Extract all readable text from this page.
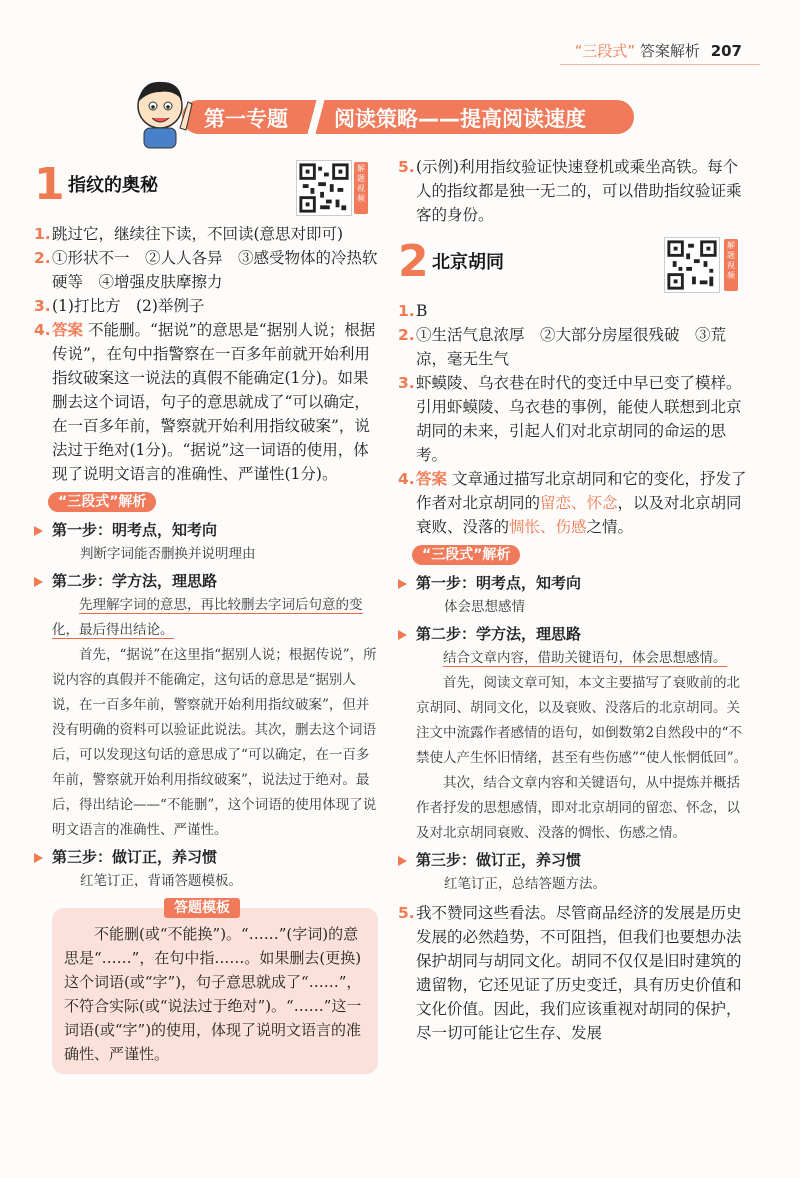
“三段式” 答案解析 207
第一专题 阅读策略——提高阅读速度
1 指纹的奥秘
解题视频
1. 跳过它，继续往下读，不回读(意思对即可)
2. ①形状不一　②人人各异　③感受物体的冷热软硬等　④增强皮肤摩擦力
3. (1)打比方　(2)举例子
4. 答案 不能删。“据说”的意思是“据别人说；根据传说”，在句中指警察在一百多年前就开始利用指纹破案这一说法的真假不能确定(1分)。如果删去这个词语，句子的意思就成了“可以确定，在一百多年前，警察就开始利用指纹破案”，说法过于绝对(1分)。“据说”这一词语的使用，体现了说明文语言的准确性、严谨性(1分)。
“三段式”解析
第一步：明考点，知考向
判断字词能否删换并说明理由
第二步：学方法，理思路
先理解字词的意思，再比较删去字词后句意的变化，最后得出结论。
首先，“据说”在这里指“据别人说；根据传说”，所说内容的真假并不能确定，这句话的意思是“据别人说，在一百多年前，警察就开始利用指纹破案”，但并没有明确的资料可以验证此说法。其次，删去这个词语后，可以发现这句话的意思成了“可以确定，在一百多年前，警察就开始利用指纹破案”，说法过于绝对。最后，得出结论——“不能删”，这个词语的使用体现了说明文语言的准确性、严谨性。
第三步：做订正，养习惯
红笔订正，背诵答题模板。
答题模板
不能删(或“不能换”)。“……”(字词)的意思是“……”，在句中指……。如果删去(更换)这个词语(或“字”)，句子意思就成了“……”，不符合实际(或“说法过于绝对”)。“……”这一词语(或“字”)的使用，体现了说明文语言的准确性、严谨性。
5. (示例)利用指纹验证快速登机或乘坐高铁。每个人的指纹都是独一无二的，可以借助指纹验证乘客的身份。
2 北京胡同
解题视频
1. B
2. ①生活气息浓厚　②大部分房屋很残破　③荒凉，毫无生气
3. 虾蟆陵、乌衣巷在时代的变迁中早已变了模样。引用虾蟆陵、乌衣巷的事例，能使人联想到北京胡同的未来，引起人们对北京胡同的命运的思考。
4. 答案 文章通过描写北京胡同和它的变化，抒发了作者对北京胡同的留恋、怀念，以及对北京胡同衰败、没落的惆怅、伤感之情。
“三段式”解析
第一步：明考点，知考向
体会思想感情
第二步：学方法，理思路
结合文章内容，借助关键语句，体会思想感情。
首先，阅读文章可知，本文主要描写了衰败前的北京胡同、胡同文化，以及衰败、没落后的北京胡同。关注文中流露作者感情的语句，如倒数第2自然段中的“不禁使人产生怀旧情绪，甚至有些伤感”“使人怅惘低回”。
其次，结合文章内容和关键语句，从中提炼并概括作者抒发的思想感情，即对北京胡同的留恋、怀念，以及对北京胡同衰败、没落的惆怅、伤感之情。
第三步：做订正，养习惯
红笔订正，总结答题方法。
5. 我不赞同这些看法。尽管商品经济的发展是历史发展的必然趋势，不可阻挡，但我们也要想办法保护胡同与胡同文化。胡同不仅仅是旧时建筑的遗留物，它还见证了历史变迁，具有历史价值和文化价值。因此，我们应该重视对胡同的保护，尽一切可能让它生存、发展
